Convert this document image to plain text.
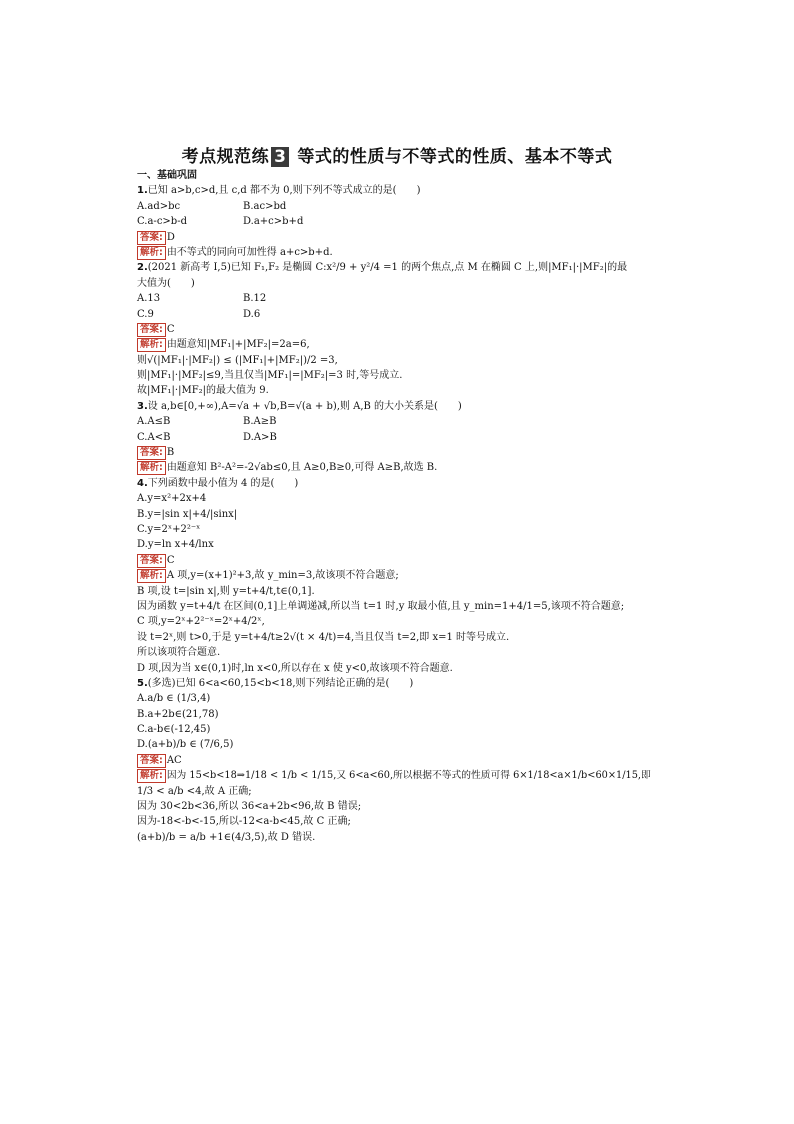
考点规范练 3 等式的性质与不等式的性质、基本不等式
一、基础巩固
1.已知 a>b,c>d,且 c,d 都不为 0,则下列不等式成立的是(　　)
A.ad>bc	B.ac>bd
C.a-c>b-d	D.a+c>b+d
答案: D
解析: 由不等式的同向可加性得 a+c>b+d.
2.(2021 新高考 Ⅰ,5)已知 F₁,F₂ 是椭圆 C:x²/9 + y²/4 =1 的两个焦点,点 M 在椭圆 C 上,则|MF₁|·|MF₂|的最
大值为(　　)
A.13	B.12
C.9	D.6
答案: C
解析: 由题意知|MF₁|+|MF₂|=2a=6,
则√(|MF₁|·|MF₂|) ≤ (|MF₁|+|MF₂|)/2 =3,
则|MF₁|·|MF₂|≤9,当且仅当|MF₁|=|MF₂|=3 时,等号成立.
故|MF₁|·|MF₂|的最大值为 9.
3.设 a,b∈[0,+∞),A=√a + √b,B=√(a + b),则 A,B 的大小关系是(　　)
A.A≤B	B.A≥B
C.A<B	D.A>B
答案: B
解析: 由题意知 B²-A²=-2√ab≤0,且 A≥0,B≥0,可得 A≥B,故选 B.
4.下列函数中最小值为 4 的是(　　)
A.y=x²+2x+4
B.y=|sin x|+4/|sinx|
C.y=2ˣ+2²⁻ˣ
D.y=ln x+4/lnx
答案: C
解析: A 项,y=(x+1)²+3,故 y_min=3,故该项不符合题意;
B 项,设 t=|sin x|,则 y=t+4/t,t∈(0,1].
因为函数 y=t+4/t 在区间(0,1]上单调递减,所以当 t=1 时,y 取最小值,且 y_min=1+4/1=5,该项不符合题意;
C 项,y=2ˣ+2²⁻ˣ=2ˣ+4/2ˣ,
设 t=2ˣ,则 t>0,于是 y=t+4/t≥2√(t × 4/t)=4,当且仅当 t=2,即 x=1 时等号成立.
所以该项符合题意.
D 项,因为当 x∈(0,1)时,ln x<0,所以存在 x 使 y<0,故该项不符合题意.
5.(多选)已知 6<a<60,15<b<18,则下列结论正确的是(　　)
A.a/b ∈ (1/3,4)
B.a+2b∈(21,78)
C.a-b∈(-12,45)
D.(a+b)/b ∈ (7/6,5)
答案: AC
解析: 因为 15<b<18⇒1/18 < 1/b < 1/15,又 6<a<60,所以根据不等式的性质可得 6×1/18<a×1/b<60×1/15,即
1/3 < a/b <4,故 A 正确;
因为 30<2b<36,所以 36<a+2b<96,故 B 错误;
因为-18<-b<-15,所以-12<a-b<45,故 C 正确;
(a+b)/b = a/b +1∈(4/3,5),故 D 错误.
